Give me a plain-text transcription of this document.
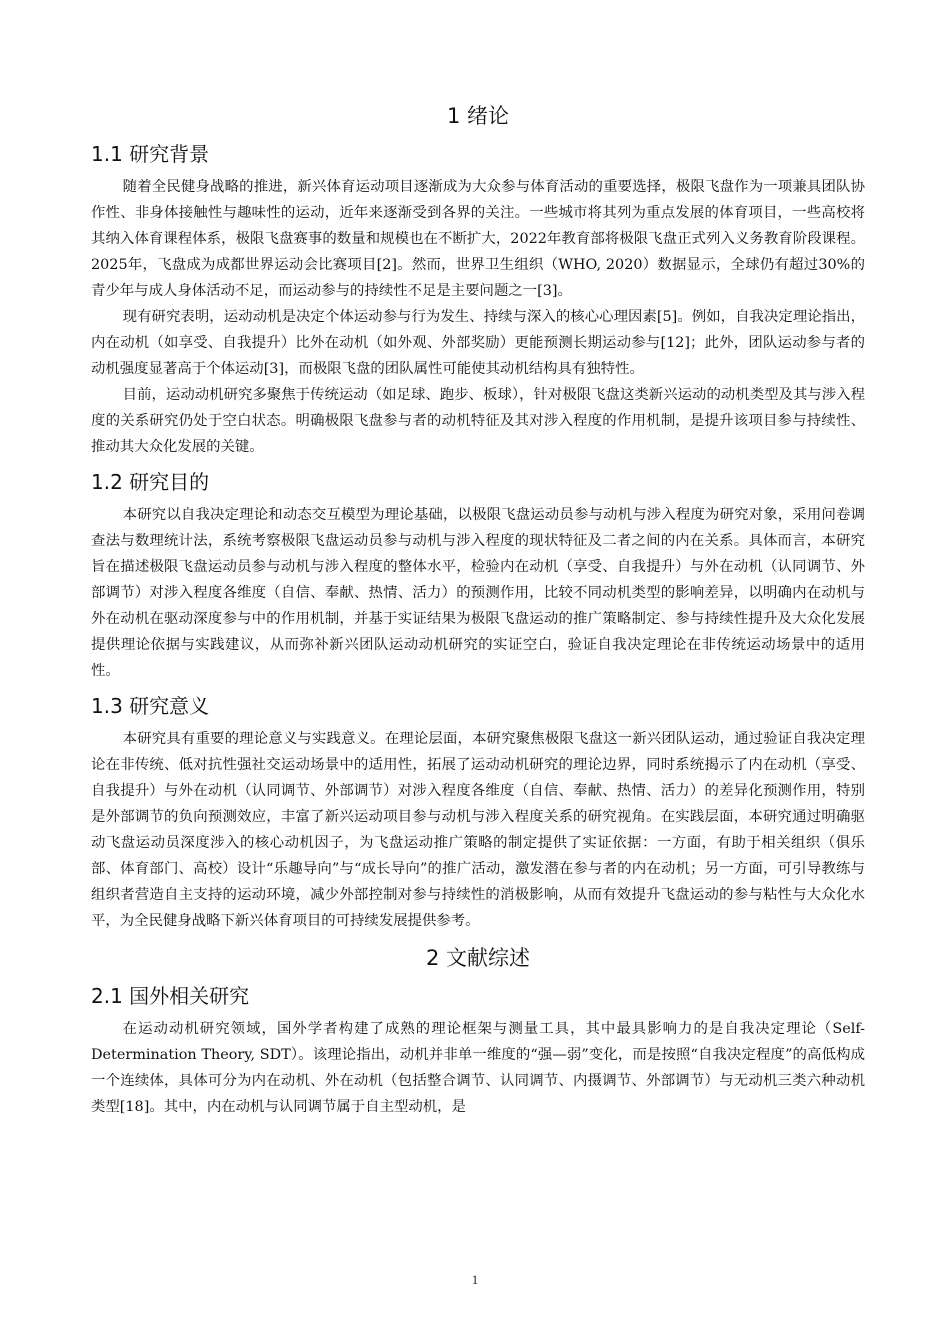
1 绪论
1.1 研究背景

随着全民健身战略的推进，新兴体育运动项目逐渐成为大众参与体育活动的重要选择，极限飞盘作为一项兼具团队协作性、非身体接触性与趣味性的运动，近年来逐渐受到各界的关注。一些城市将其列为重点发展的体育项目，一些高校将其纳入体育课程体系，极限飞盘赛事的数量和规模也在不断扩大，2022年教育部将极限飞盘正式列入义务教育阶段课程。2025年，飞盘成为成都世界运动会比赛项目[2]。然而，世界卫生组织（WHO, 2020）数据显示，全球仍有超过30%的青少年与成人身体活动不足，而运动参与的持续性不足是主要问题之一[3]。

现有研究表明，运动动机是决定个体运动参与行为发生、持续与深入的核心心理因素[5]。例如，自我决定理论指出，内在动机（如享受、自我提升）比外在动机（如外观、外部奖励）更能预测长期运动参与[12]；此外，团队运动参与者的动机强度显著高于个体运动[3]，而极限飞盘的团队属性可能使其动机结构具有独特性。

目前，运动动机研究多聚焦于传统运动（如足球、跑步、板球），针对极限飞盘这类新兴运动的动机类型及其与涉入程度的关系研究仍处于空白状态。明确极限飞盘参与者的动机特征及其对涉入程度的作用机制，是提升该项目参与持续性、推动其大众化发展的关键。

1.2 研究目的

本研究以自我决定理论和动态交互模型为理论基础，以极限飞盘运动员参与动机与涉入程度为研究对象，采用问卷调查法与数理统计法，系统考察极限飞盘运动员参与动机与涉入程度的现状特征及二者之间的内在关系。具体而言，本研究旨在描述极限飞盘运动员参与动机与涉入程度的整体水平，检验内在动机（享受、自我提升）与外在动机（认同调节、外部调节）对涉入程度各维度（自信、奉献、热情、活力）的预测作用，比较不同动机类型的影响差异，以明确内在动机与外在动机在驱动深度参与中的作用机制，并基于实证结果为极限飞盘运动的推广策略制定、参与持续性提升及大众化发展提供理论依据与实践建议，从而弥补新兴团队运动动机研究的实证空白，验证自我决定理论在非传统运动场景中的适用性。

1.3 研究意义

本研究具有重要的理论意义与实践意义。在理论层面，本研究聚焦极限飞盘这一新兴团队运动，通过验证自我决定理论在非传统、低对抗性强社交运动场景中的适用性，拓展了运动动机研究的理论边界，同时系统揭示了内在动机（享受、自我提升）与外在动机（认同调节、外部调节）对涉入程度各维度（自信、奉献、热情、活力）的差异化预测作用，特别是外部调节的负向预测效应，丰富了新兴运动项目参与动机与涉入程度关系的研究视角。在实践层面，本研究通过明确驱动飞盘运动员深度涉入的核心动机因子，为飞盘运动推广策略的制定提供了实证依据：一方面，有助于相关组织（俱乐部、体育部门、高校）设计“乐趣导向”与“成长导向”的推广活动，激发潜在参与者的内在动机；另一方面，可引导教练与组织者营造自主支持的运动环境，减少外部控制对参与持续性的消极影响，从而有效提升飞盘运动的参与粘性与大众化水平，为全民健身战略下新兴体育项目的可持续发展提供参考。

2 文献综述
2.1 国外相关研究

在运动动机研究领域，国外学者构建了成熟的理论框架与测量工具，其中最具影响力的是自我决定理论（Self-Determination Theory, SDT）。该理论指出，动机并非单一维度的“强—弱”变化，而是按照“自我决定程度”的高低构成一个连续体，具体可分为内在动机、外在动机（包括整合调节、认同调节、内摄调节、外部调节）与无动机三类六种动机类型[18]。其中，内在动机与认同调节属于自主型动机，是

1
